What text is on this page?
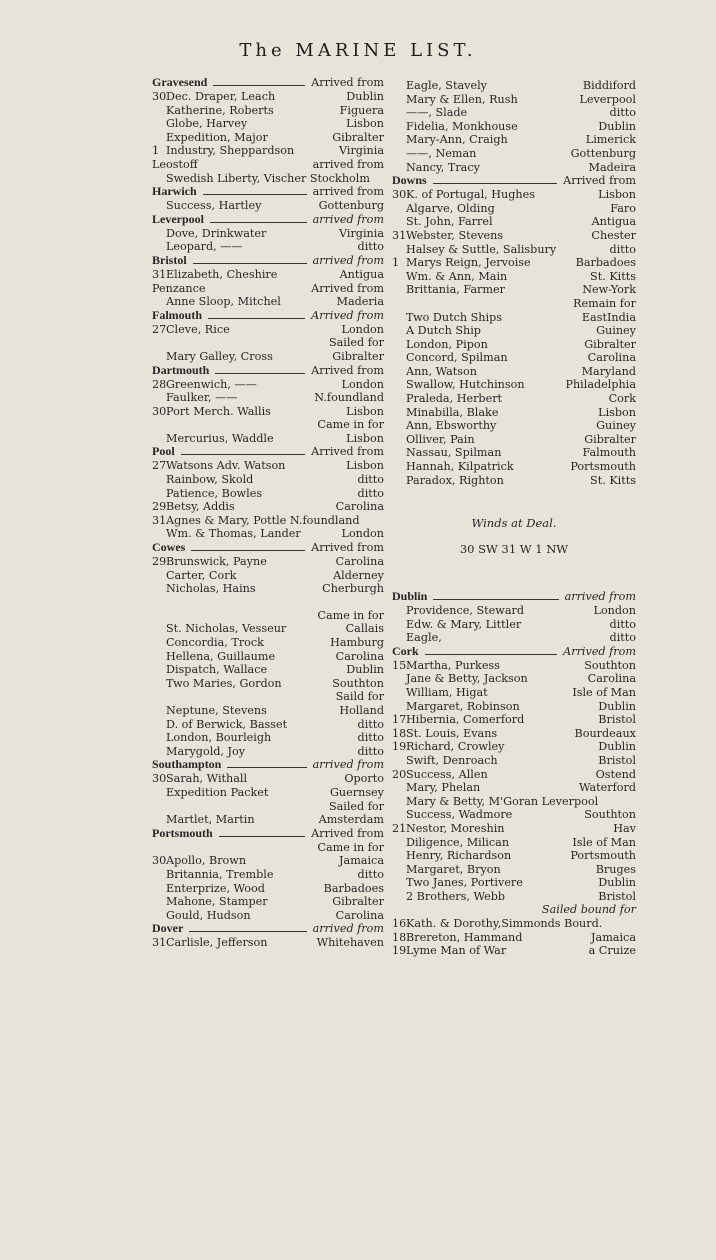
The MARINE LIST.
Gravesend	Arrived from
30Dec. Draper, Leach	Dublin
Katherine, Roberts	Figuera
Globe, Harvey	Lisbon
Expedition, Major	Gibralter
1 Industry, Sheppardson	Virginia
Leostoff	arrived from
Swedish Liberty, Vischer Stockholm
Harwich	arrived from
Success, Hartley	Gottenburg
Leverpool	arrived from
Dove, Drinkwater	Virginia
Leopard, ——	ditto
Bristol	arrived from
31Elizabeth, Cheshire	Antigua
Penzance	Arrived from
Anne Sloop, Mitchel	Maderia
Falmouth	Arrived from
27Cleve, Rice	London
Sailed for
Mary Galley, Cross	Gibralter
Dartmouth	Arrived from
28Greenwich, ——	London
Faulker, ——	N.foundland
30Port Merch. Wallis	Lisbon
Came in for
Mercurius, Waddle	Lisbon
Pool	Arrived from
27Watsons Adv. Watson	Lisbon
Rainbow, Skold	ditto
Patience, Bowles	ditto
29Betsy, Addis	Carolina
31Agnes & Mary, Pottle N.foundland
Wm. & Thomas, Lander	London
Cowes	Arrived from
29Brunswick, Payne	Carolina
Carter, Cork	Alderney
Nicholas, Hains	Cherburgh
Came in for
St. Nicholas, Vesseur	Callais
Concordia, Trock	Hamburg
Hellena, Guillaume	Carolina
Dispatch, Wallace	Dublin
Two Maries, Gordon	Southton
Saild for
Neptune, Stevens	Holland
D. of Berwick, Basset	ditto
London, Bourleigh	ditto
Marygold, Joy	ditto
Southampton	arrived from
30Sarah, Withall	Oporto
Expedition Packet	Guernsey
Sailed for
Martlet, Martin	Amsterdam
Portsmouth	Arrived from
Came in for
30Apollo, Brown	Jamaica
Britannia, Tremble	ditto
Enterprize, Wood	Barbadoes
Mahone, Stamper	Gibralter
Gould, Hudson	Carolina
Dover	arrived from
31Carlisle, Jefferson	Whitehaven
Eagle, Stavely	Biddiford
Mary & Ellen, Rush	Leverpool
——, Slade	ditto
Fidelia, Monkhouse	Dublin
Mary-Ann, Craigh	Limerick
——, Neman	Gottenburg
Nancy, Tracy	Madeira
Downs	Arrived from
30K. of Portugal, Hughes	Lisbon
Algarve, Olding	Faro
St. John, Farrel	Antigua
31Webster, Stevens	Chester
Halsey & Suttle, Salisbury	ditto
1 Marys Reign, Jervoise	Barbadoes
Wm. & Ann, Main	St. Kitts
Brittania, Farmer	New-York
Remain for
Two Dutch Ships	EastIndia
A Dutch Ship	Guiney
London, Pipon	Gibralter
Concord, Spilman	Carolina
Ann, Watson	Maryland
Swallow, Hutchinson	Philadelphia
Praleda, Herbert	Cork
Minabilla, Blake	Lisbon
Ann, Ebsworthy	Guiney
Olliver, Pain	Gibralter
Nassau, Spilman	Falmouth
Hannah, Kilpatrick	Portsmouth
Paradox, Righton	St. Kitts
Winds at Deal.
30 SW 31 W 1 NW
Dublin	arrived from
Providence, Steward	London
Edw. & Mary, Littler	ditto
Eagle,	ditto
Cork	Arrived from
15Martha, Purkess	Southton
Jane & Betty, Jackson	Carolina
William, Higat	Isle of Man
Margaret, Robinson	Dublin
17Hibernia, Comerford	Bristol
18St. Louis, Evans	Bourdeaux
19Richard, Crowley	Dublin
Swift, Denroach	Bristol
20Success, Allen	Ostend
Mary, Phelan	Waterford
Mary & Betty, M'Goran Leverpool
Success, Wadmore	Southton
21Nestor, Moreshin	Hav
Diligence, Milican	Isle of Man
Henry, Richardson	Portsmouth
Margaret, Bryon	Bruges
Two Janes, Portivere	Dublin
2 Brothers, Webb	Bristol
Sailed bound for
16Kath. & Dorothy,Simmonds Bourd.
18Brereton, Hammand	Jamaica
19Lyme Man of War	a Cruize
